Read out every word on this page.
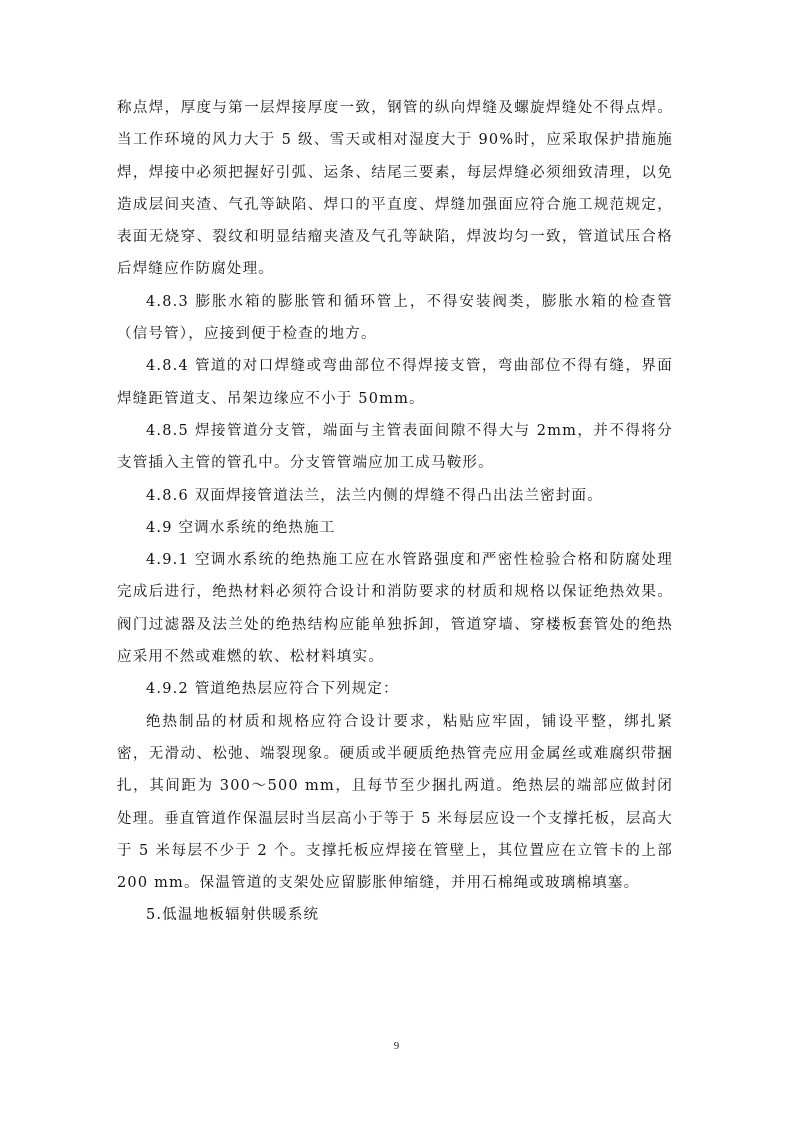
称点焊，厚度与第一层焊接厚度一致，钢管的纵向焊缝及螺旋焊缝处不得点焊。当工作环境的风力大于 5 级、雪天或相对湿度大于 90%时，应采取保护措施施焊，焊接中必须把握好引弧、运条、结尾三要素，每层焊缝必须细致清理，以免造成层间夹渣、气孔等缺陷、焊口的平直度、焊缝加强面应符合施工规范规定，表面无烧穿、裂纹和明显结瘤夹渣及气孔等缺陷，焊波均匀一致，管道试压合格后焊缝应作防腐处理。

4.8.3 膨胀水箱的膨胀管和循环管上，不得安装阀类，膨胀水箱的检查管（信号管），应接到便于检查的地方。

4.8.4 管道的对口焊缝或弯曲部位不得焊接支管，弯曲部位不得有缝，界面焊缝距管道支、吊架边缘应不小于 50mm。

4.8.5 焊接管道分支管，端面与主管表面间隙不得大与 2mm，并不得将分支管插入主管的管孔中。分支管管端应加工成马鞍形。

4.8.6 双面焊接管道法兰，法兰内侧的焊缝不得凸出法兰密封面。

4.9 空调水系统的绝热施工

4.9.1 空调水系统的绝热施工应在水管路强度和严密性检验合格和防腐处理完成后进行，绝热材料必须符合设计和消防要求的材质和规格以保证绝热效果。阀门过滤器及法兰处的绝热结构应能单独拆卸，管道穿墙、穿楼板套管处的绝热应采用不然或难燃的软、松材料填实。

4.9.2 管道绝热层应符合下列规定：

绝热制品的材质和规格应符合设计要求，粘贴应牢固，铺设平整，绑扎紧密，无滑动、松弛、端裂现象。硬质或半硬质绝热管壳应用金属丝或难腐织带捆扎，其间距为 300～500 mm，且每节至少捆扎两道。绝热层的端部应做封闭处理。垂直管道作保温层时当层高小于等于 5 米每层应设一个支撑托板，层高大于 5 米每层不少于 2 个。支撑托板应焊接在管壁上，其位置应在立管卡的上部 200 mm。保温管道的支架处应留膨胀伸缩缝，并用石棉绳或玻璃棉填塞。

5.低温地板辐射供暖系统

9
